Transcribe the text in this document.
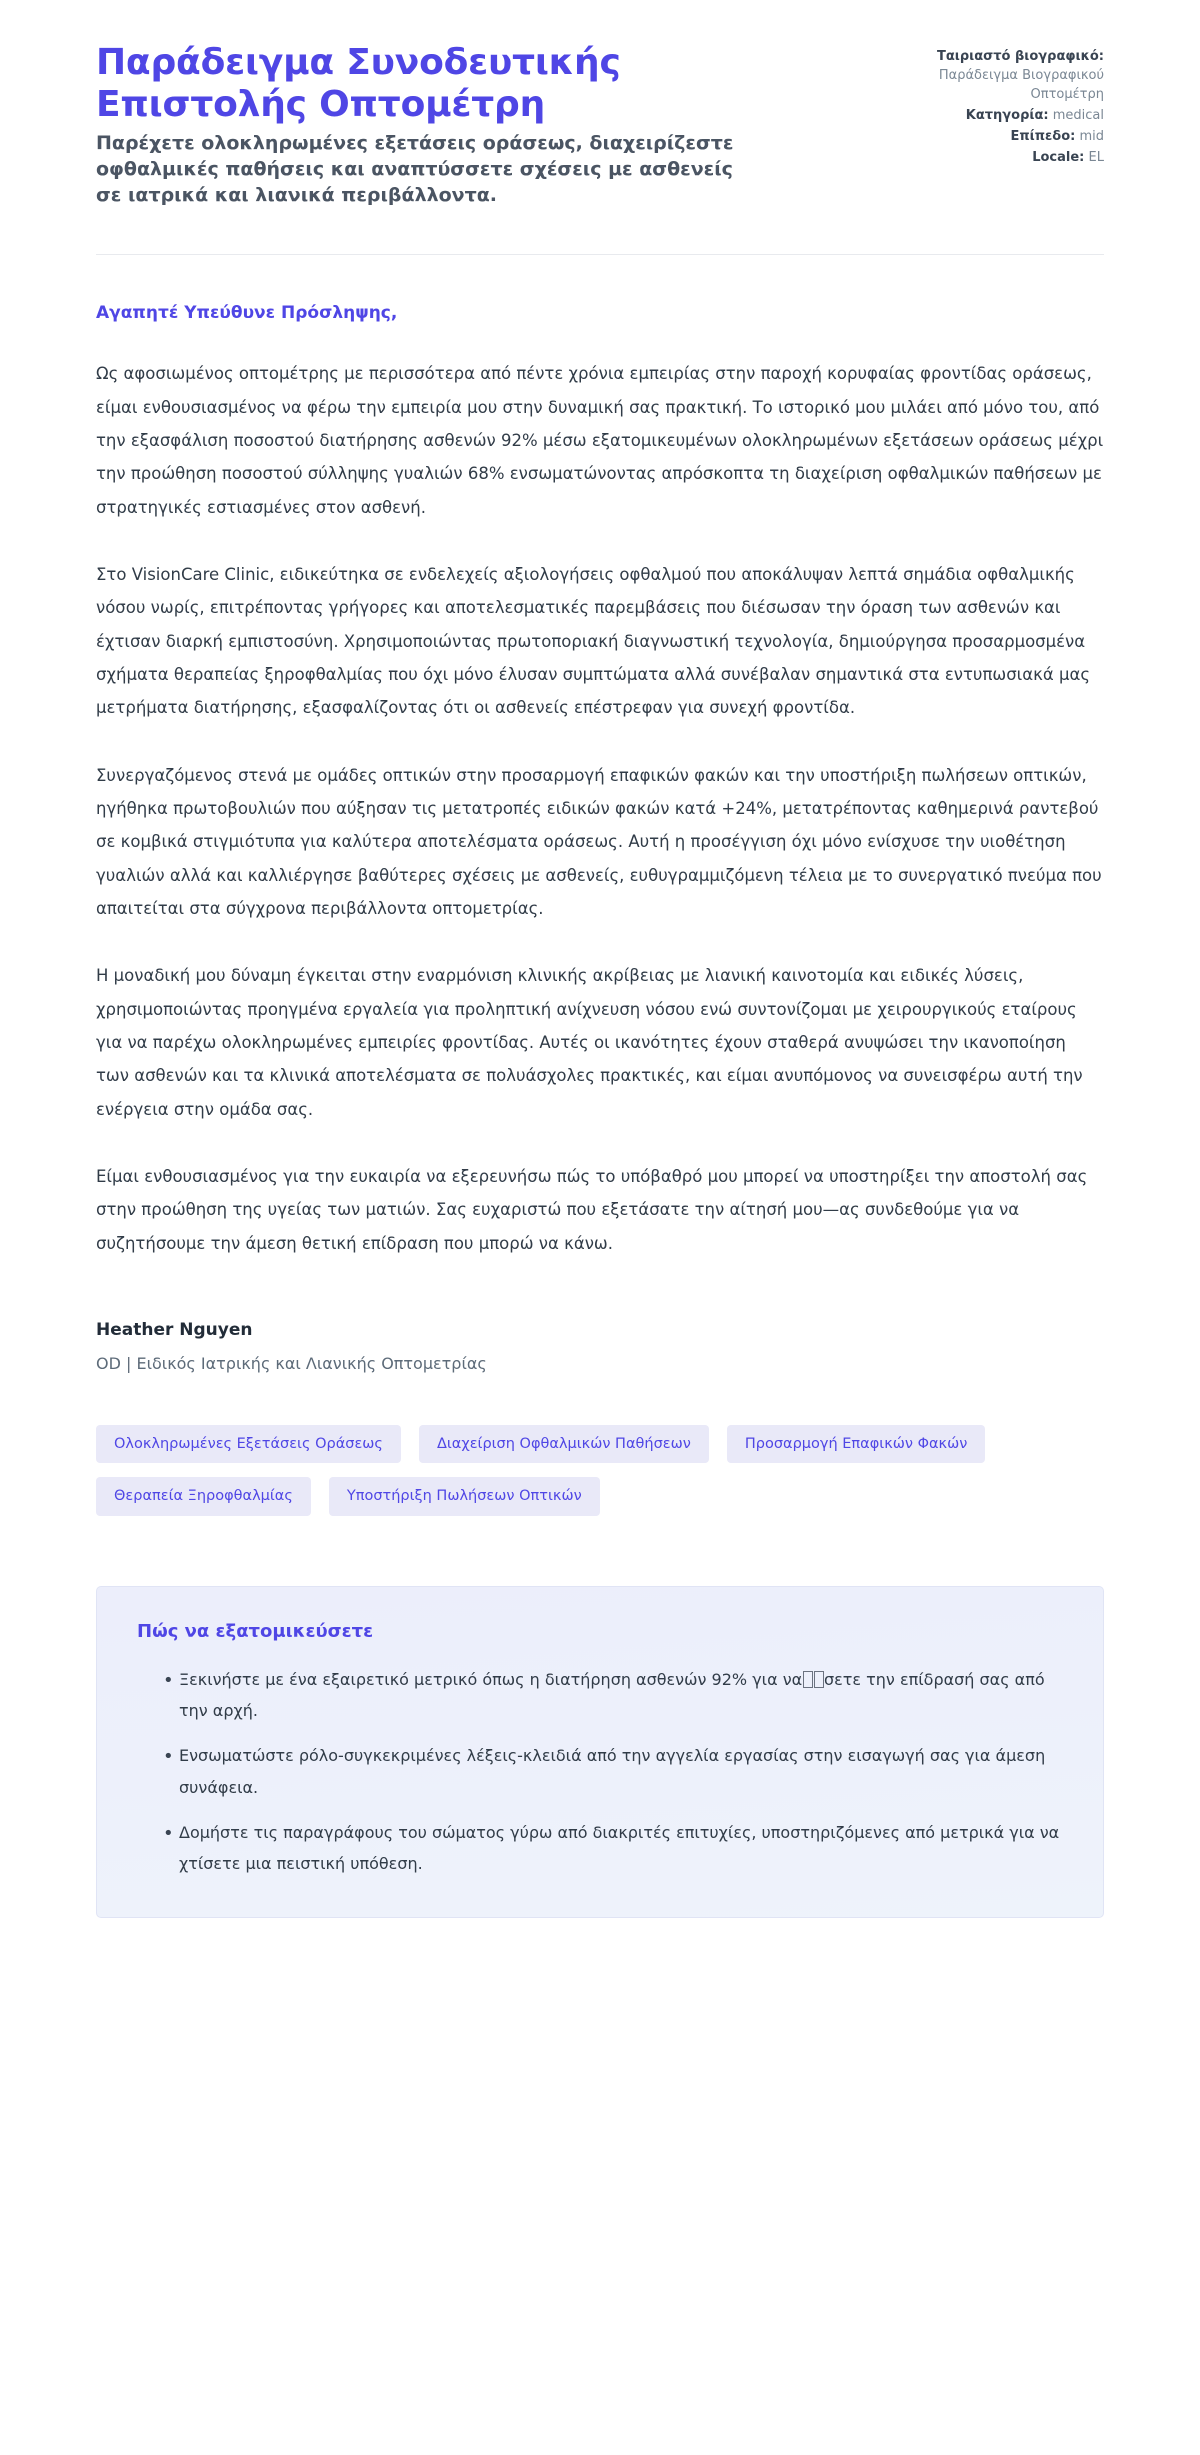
Παράδειγμα Συνοδευτικής Επιστολής Οπτομέτρη

Παρέχετε ολοκληρωμένες εξετάσεις οράσεως, διαχειρίζεστε οφθαλμικές παθήσεις και αναπτύσσετε σχέσεις με ασθενείς σε ιατρικά και λιανικά περιβάλλοντα.

Ταιριαστό βιογραφικό:
Παράδειγμα Βιογραφικού Οπτομέτρη
Κατηγορία: medical
Επίπεδο: mid
Locale: EL

Αγαπητέ Υπεύθυνε Πρόσληψης,

Ως αφοσιωμένος οπτομέτρης με περισσότερα από πέντε χρόνια εμπειρίας στην παροχή κορυφαίας φροντίδας οράσεως, είμαι ενθουσιασμένος να φέρω την εμπειρία μου στην δυναμική σας πρακτική. Το ιστορικό μου μιλάει από μόνο του, από την εξασφάλιση ποσοστού διατήρησης ασθενών 92% μέσω εξατομικευμένων ολοκληρωμένων εξετάσεων οράσεως μέχρι την προώθηση ποσοστού σύλληψης γυαλιών 68% ενσωματώνοντας απρόσκοπτα τη διαχείριση οφθαλμικών παθήσεων με στρατηγικές εστιασμένες στον ασθενή.

Στο VisionCare Clinic, ειδικεύτηκα σε ενδελεχείς αξιολογήσεις οφθαλμού που αποκάλυψαν λεπτά σημάδια οφθαλμικής νόσου νωρίς, επιτρέποντας γρήγορες και αποτελεσματικές παρεμβάσεις που διέσωσαν την όραση των ασθενών και έχτισαν διαρκή εμπιστοσύνη. Χρησιμοποιώντας πρωτοποριακή διαγνωστική τεχνολογία, δημιούργησα προσαρμοσμένα σχήματα θεραπείας ξηροφθαλμίας που όχι μόνο έλυσαν συμπτώματα αλλά συνέβαλαν σημαντικά στα εντυπωσιακά μας μετρήματα διατήρησης, εξασφαλίζοντας ότι οι ασθενείς επέστρεφαν για συνεχή φροντίδα.

Συνεργαζόμενος στενά με ομάδες οπτικών στην προσαρμογή επαφικών φακών και την υποστήριξη πωλήσεων οπτικών, ηγήθηκα πρωτοβουλιών που αύξησαν τις μετατροπές ειδικών φακών κατά +24%, μετατρέποντας καθημερινά ραντεβού σε κομβικά στιγμιότυπα για καλύτερα αποτελέσματα οράσεως. Αυτή η προσέγγιση όχι μόνο ενίσχυσε την υιοθέτηση γυαλιών αλλά και καλλιέργησε βαθύτερες σχέσεις με ασθενείς, ευθυγραμμιζόμενη τέλεια με το συνεργατικό πνεύμα που απαιτείται στα σύγχρονα περιβάλλοντα οπτομετρίας.

Η μοναδική μου δύναμη έγκειται στην εναρμόνιση κλινικής ακρίβειας με λιανική καινοτομία και ειδικές λύσεις, χρησιμοποιώντας προηγμένα εργαλεία για προληπτική ανίχνευση νόσου ενώ συντονίζομαι με χειρουργικούς εταίρους για να παρέχω ολοκληρωμένες εμπειρίες φροντίδας. Αυτές οι ικανότητες έχουν σταθερά ανυψώσει την ικανοποίηση των ασθενών και τα κλινικά αποτελέσματα σε πολυάσχολες πρακτικές, και είμαι ανυπόμονος να συνεισφέρω αυτή την ενέργεια στην ομάδα σας.

Είμαι ενθουσιασμένος για την ευκαιρία να εξερευνήσω πώς το υπόβαθρό μου μπορεί να υποστηρίξει την αποστολή σας στην προώθηση της υγείας των ματιών. Σας ευχαριστώ που εξετάσατε την αίτησή μου—ας συνδεθούμε για να συζητήσουμε την άμεση θετική επίδραση που μπορώ να κάνω.

Heather Nguyen

OD | Ειδικός Ιατρικής και Λιανικής Οπτομετρίας

Ολοκληρωμένες Εξετάσεις Οράσεως	Διαχείριση Οφθαλμικών Παθήσεων	Προσαρμογή Επαφικών Φακών
Θεραπεία Ξηροφθαλμίας	Υποστήριξη Πωλήσεων Οπτικών

Πώς να εξατομικεύσετε

• Ξεκινήστε με ένα εξαιρετικό μετρικό όπως η διατήρηση ασθενών 92% για να σετε την επίδρασή σας από την αρχή.
• Ενσωματώστε ρόλο-συγκεκριμένες λέξεις-κλειδιά από την αγγελία εργασίας στην εισαγωγή σας για άμεση συνάφεια.
• Δομήστε τις παραγράφους του σώματος γύρω από διακριτές επιτυχίες, υποστηριζόμενες από μετρικά για να χτίσετε μια πειστική υπόθεση.
